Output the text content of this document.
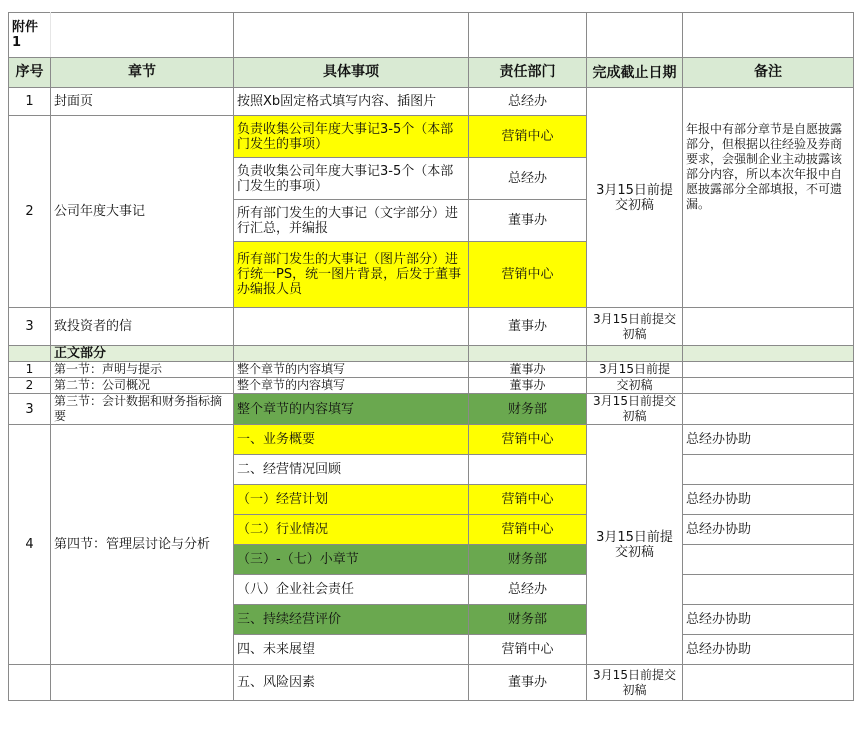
附件1					
序号	章节	具体事项	责任部门	完成截止日期	备注
1	封面页	按照Xb固定格式填写内容、插图片	总经办	3月15日前提交初稿	年报中有部分章节是自愿披露部分，但根据以往经验及券商要求，会强制企业主动披露该部分内容，所以本次年报中自愿披露部分全部填报，不可遗漏。
2	公司年度大事记	负责收集公司年度大事记3-5个（本部门发生的事项）	营销中心		
		负责收集公司年度大事记3-5个（本部门发生的事项）	总经办		
		所有部门发生的大事记（文字部分）进行汇总，并编报	董事办		
		所有部门发生的大事记（图片部分）进行统一PS，统一图片背景，后发于董事办编报人员	营销中心		
3	致投资者的信		董事办	3月15日前提交初稿	
	正文部分				
1	第一节：声明与提示	整个章节的内容填写	董事办	3月15日前提	
2	第二节：公司概况	整个章节的内容填写	董事办	交初稿	
3	第三节：会计数据和财务指标摘要	整个章节的内容填写	财务部	3月15日前提交初稿	
4	第四节：管理层讨论与分析	一、业务概要	营销中心	3月15日前提交初稿	总经办协助
		二、经营情况回顾			
		（一）经营计划	营销中心		总经办协助
		（二）行业情况	营销中心		总经办协助
		（三）-（七）小章节	财务部		
		（八）企业社会责任	总经办		
		三、持续经营评价	财务部		总经办协助
		四、未来展望	营销中心		总经办协助
		五、风险因素	董事办	3月15日前提交初稿	
